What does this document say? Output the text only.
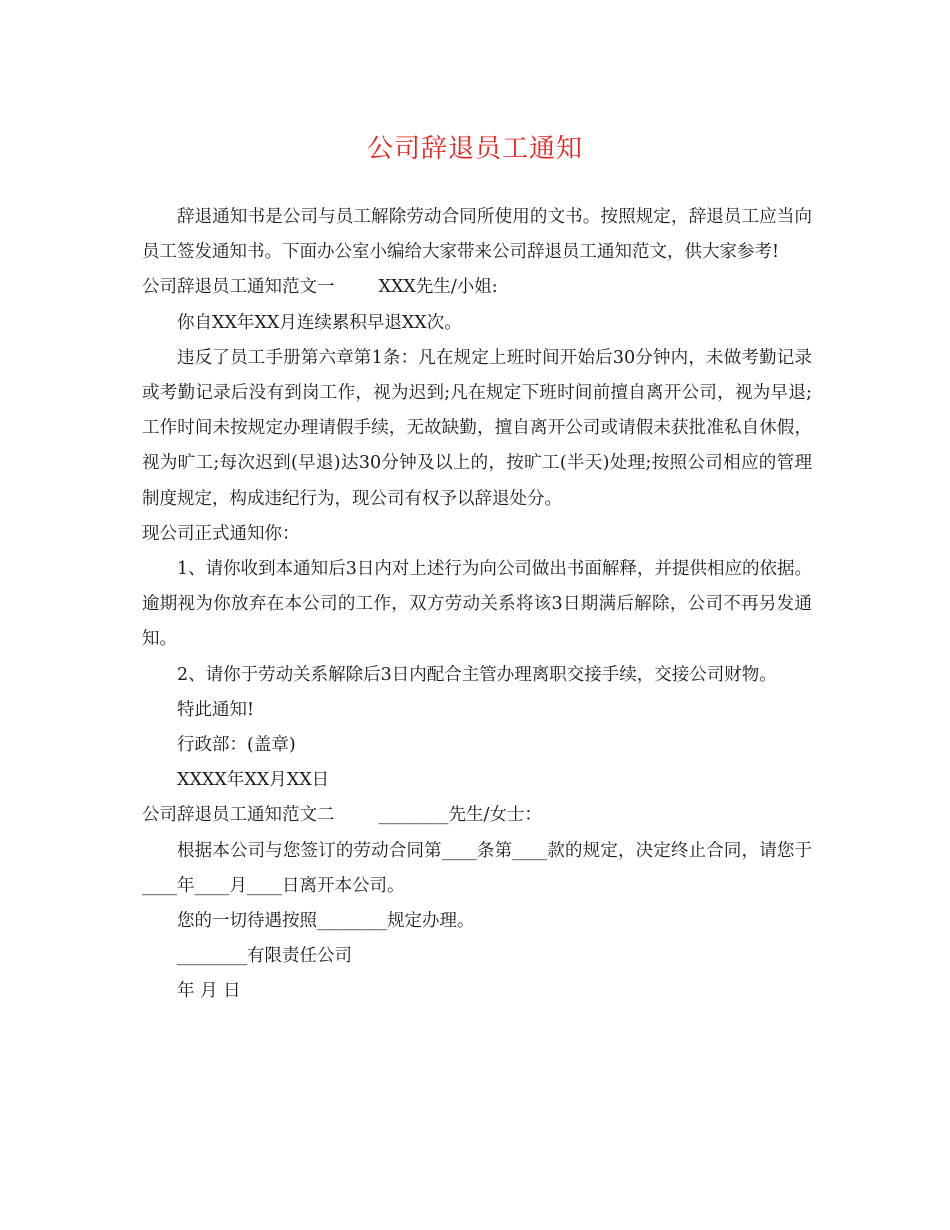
公司辞退员工通知

辞退通知书是公司与员工解除劳动合同所使用的文书。按照规定，辞退员工应当向员工签发通知书。下面办公室小编给大家带来公司辞退员工通知范文，供大家参考!

公司辞退员工通知范文一	XXX先生/小姐:

你自XX年XX月连续累积早退XX次。

违反了员工手册第六章第1条：凡在规定上班时间开始后30分钟内，未做考勤记录或考勤记录后没有到岗工作，视为迟到;凡在规定下班时间前擅自离开公司，视为早退;工作时间未按规定办理请假手续，无故缺勤，擅自离开公司或请假未获批准私自休假，视为旷工;每次迟到(早退)达30分钟及以上的，按旷工(半天)处理;按照公司相应的管理制度规定，构成违纪行为，现公司有权予以辞退处分。

现公司正式通知你：

1、请你收到本通知后3日内对上述行为向公司做出书面解释，并提供相应的依据。逾期视为你放弃在本公司的工作，双方劳动关系将该3日期满后解除，公司不再另发通知。

2、请你于劳动关系解除后3日内配合主管办理离职交接手续，交接公司财物。

特此通知!

行政部：(盖章)

XXXX年XX月XX日

公司辞退员工通知范文二	________先生/女士：

根据本公司与您签订的劳动合同第____条第____款的规定，决定终止合同，请您于____年____月____日离开本公司。

您的一切待遇按照________规定办理。

________有限责任公司

年 月 日
